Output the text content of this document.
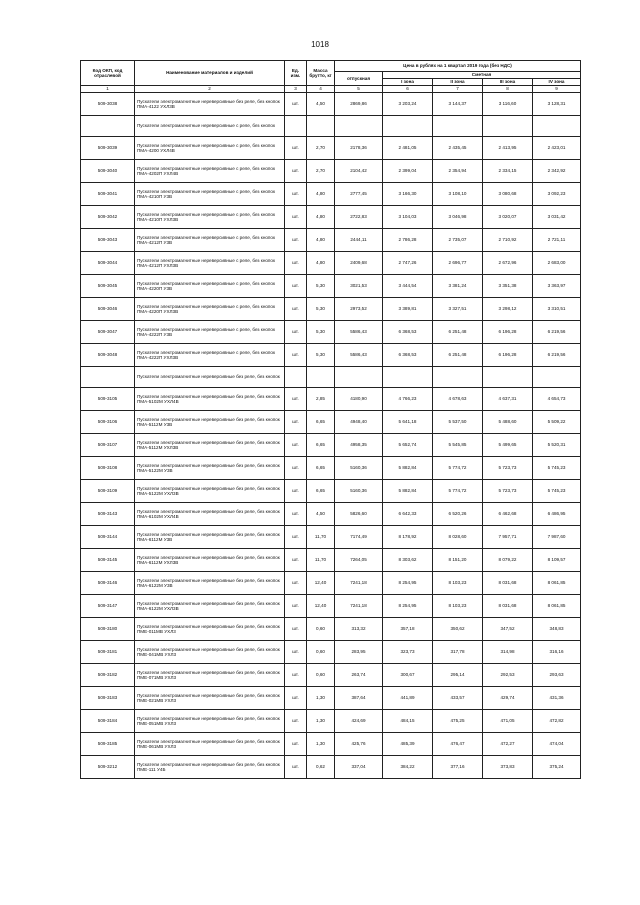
1018
Код ОКП, код отраслевой	Наименование материалов и изделий	Ед. изм.	Масса брутто, кг	Цена в рублях на 1 квартал 2019 года (без НДС)				
				отпускная	Сметная			
					I зона	II зона	III зона	IV зона
1	2	3	4	5	6	7	8	9
509-3038	Пускатели электромагнитные нереверсивные без реле, без кнопок ПМА-4122 УХЛ3В	шт.	4,50	2869,86	3 203,24	3 144,37	3 116,60	3 128,31
	Пускатели электромагнитные нереверсивные с реле, без кнопок							
509-3039	Пускатели электромагнитные нереверсивные с реле, без кнопок ПМА-4200 УХЛ4В	шт.	2,70	2178,36	2 481,05	2 435,45	2 413,95	2 423,01
509-3040	Пускатели электромагнитные нереверсивные с реле, без кнопок ПМА-4202П УХЛ4В	шт.	2,70	2104,42	2 399,04	2 354,94	2 334,15	2 342,92
509-3041	Пускатели электромагнитные нереверсивные с реле, без кнопок ПМА-4210П У3В	шт.	4,80	2777,45	3 166,30	3 108,10	3 080,68	3 092,23
509-3042	Пускатели электромагнитные нереверсивные с реле, без кнопок ПМА-4210П УХЛ3В	шт.	4,80	2722,83	3 104,03	3 046,98	3 020,07	3 031,42
509-3043	Пускатели электромагнитные нереверсивные с реле, без кнопок ПМА-4212П У3В	шт.	4,80	2444,11	2 786,28	2 735,07	2 710,92	2 721,11
509-3044	Пускатели электромагнитные нереверсивные с реле, без кнопок ПМА-4212П УХЛ3В	шт.	4,80	2409,68	2 747,26	2 696,77	2 672,96	2 683,00
509-3045	Пускатели электромагнитные нереверсивные с реле, без кнопок ПМА-4220П У3В	шт.	5,30	3021,53	3 444,54	3 381,24	3 351,38	3 363,97
509-3046	Пускатели электромагнитные нереверсивные с реле, без кнопок ПМА-4220П УХЛ3В	шт.	5,30	2973,52	3 389,81	3 327,51	3 298,12	3 310,51
509-3047	Пускатели электромагнитные нереверсивные с реле, без кнопок ПМА-4222П У3В	шт.	5,30	5586,43	6 368,53	6 251,48	6 196,28	6 219,56
509-3048	Пускатели электромагнитные нереверсивные с реле, без кнопок ПМА-4222П УХЛ3В	шт.	5,30	5586,43	6 368,53	6 251,48	6 196,28	6 219,56
	Пускатели электромагнитные нереверсивные без реле, без кнопок							
509-3105	Пускатели электромагнитные нереверсивные без реле, без кнопок ПМА-5102М УХЛ4В	шт.	2,85	4180,90	4 766,23	4 678,63	4 637,31	4 654,73
509-3106	Пускатели электромагнитные нереверсивные без реле, без кнопок ПМА-5112М У3В	шт.	6,65	4948,40	5 641,18	5 537,50	5 488,60	5 509,22
509-3107	Пускатели электромагнитные нереверсивные без реле, без кнопок ПМА-5112М УХЛ3В	шт.	6,65	4958,35	5 652,74	5 545,85	5 499,65	5 520,31
509-3108	Пускатели электромагнитные нереверсивные без реле, без кнопок ПМА-5122М У3В	шт.	6,65	5160,36	5 882,84	5 774,72	5 723,73	5 745,23
509-3109	Пускатели электромагнитные нереверсивные без реле, без кнопок ПМА-5122М УХЛ3В	шт.	6,65	5160,36	5 882,84	5 774,72	5 723,73	5 745,23
509-3143	Пускатели электромагнитные нереверсивные без реле, без кнопок ПМА-6102М УХЛ4В	шт.	4,50	5826,60	6 642,33	6 520,26	6 462,68	6 486,95
509-3144	Пускатели электромагнитные нереверсивные без реле, без кнопок ПМА-6112М У3В	шт.	11,70	7174,49	8 178,92	8 028,60	7 957,71	7 987,60
509-3145	Пускатели электромагнитные нереверсивные без реле, без кнопок ПМА-6112М УХЛ3В	шт.	11,70	7264,05	8 303,62	8 151,20	8 079,22	8 109,57
509-3146	Пускатели электромагнитные нереверсивные без реле, без кнопок ПМА-6122М У3В	шт.	12,40	7241,18	8 254,95	8 103,23	8 031,68	8 061,85
509-3147	Пускатели электромагнитные нереверсивные без реле, без кнопок ПМА-6122М УХЛ3В	шт.	12,40	7241,18	8 254,95	8 103,23	8 031,68	8 061,85
509-3180	Пускатели электромагнитные нереверсивные без реле, без кнопок ПМЕ-011МВ УХЛ3	шт.	0,60	313,32	357,18	350,62	347,52	348,83
509-3181	Пускатели электромагнитные нереверсивные без реле, без кнопок ПМЕ-041МВ УХЛ3	шт.	0,60	283,95	323,73	317,78	314,98	316,16
509-3182	Пускатели электромагнитные нереверсивные без реле, без кнопок ПМЕ-071МВ УХЛ3	шт.	0,60	263,74	300,67	295,14	292,53	293,63
509-3183	Пускатели электромагнитные нереверсивные без реле, без кнопок ПМЕ-021МВ УХЛ3	шт.	1,30	387,64	441,89	433,57	429,74	431,36
509-3184	Пускатели электромагнитные нереверсивные без реле, без кнопок ПМЕ-051МВ УХЛ3	шт.	1,30	424,69	484,15	475,25	471,05	472,82
509-3185	Пускатели электромагнитные нереверсивные без реле, без кнопок ПМЕ-061МВ УХЛ3	шт.	1,30	425,76	485,39	476,47	472,27	474,04
509-3212	Пускатели электромагнитные нереверсивные без реле, без кнопок ПМЕ-111 У4Б	шт.	0,62	337,04	384,22	377,16	373,83	375,24
